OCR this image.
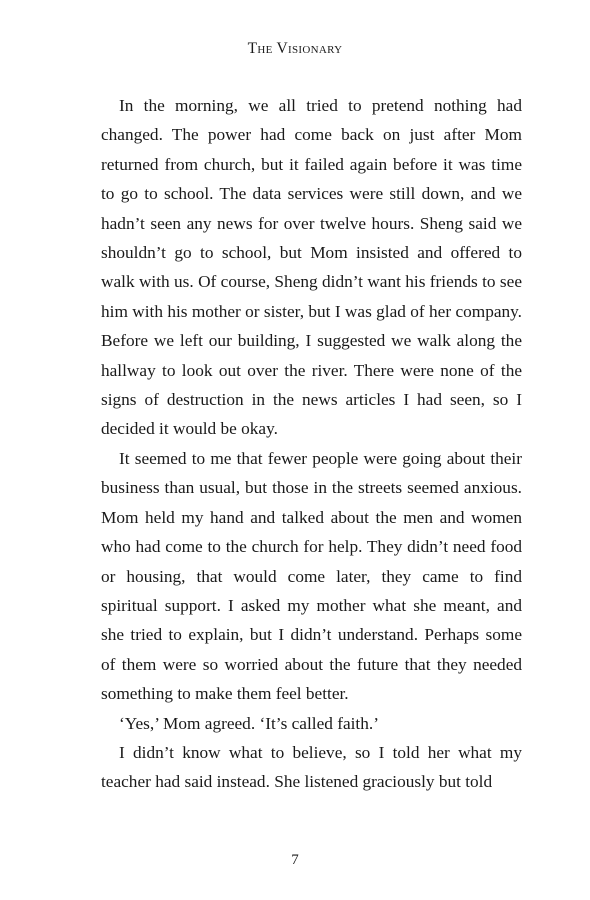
The Visionary

In the morning, we all tried to pretend nothing had changed. The power had come back on just after Mom returned from church, but it failed again before it was time to go to school. The data services were still down, and we hadn’t seen any news for over twelve hours. Sheng said we shouldn’t go to school, but Mom insisted and offered to walk with us. Of course, Sheng didn’t want his friends to see him with his mother or sister, but I was glad of her company. Before we left our building, I suggested we walk along the hallway to look out over the river. There were none of the signs of destruction in the news articles I had seen, so I decided it would be okay.

It seemed to me that fewer people were going about their business than usual, but those in the streets seemed anxious. Mom held my hand and talked about the men and women who had come to the church for help. They didn’t need food or housing, that would come later, they came to find spiritual support. I asked my mother what she meant, and she tried to explain, but I didn’t understand. Perhaps some of them were so worried about the future that they needed something to make them feel better.

‘Yes,’ Mom agreed. ‘It’s called faith.’

I didn’t know what to believe, so I told her what my teacher had said instead. She listened graciously but told

7
